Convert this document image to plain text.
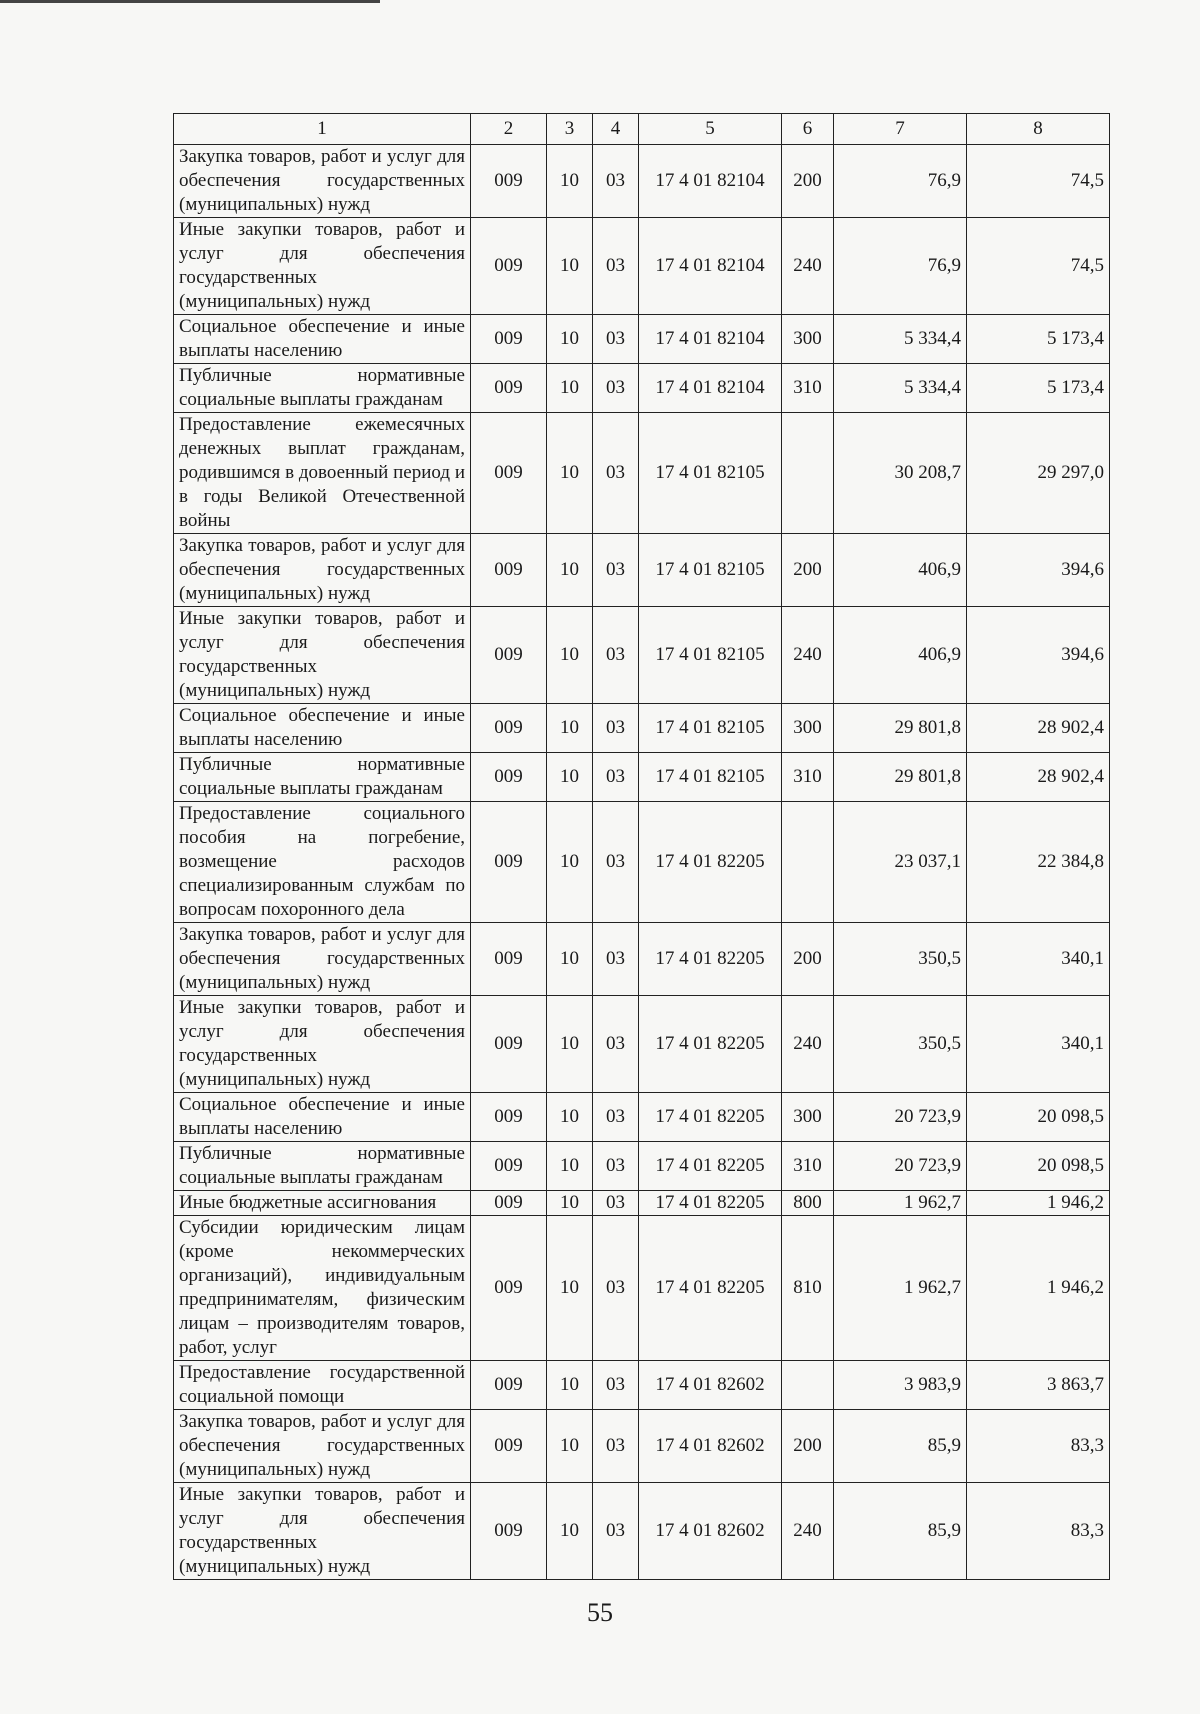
1	2	3	4	5	6	7	8
Закупка товаров, работ и услуг для обеспечения государственных (муниципальных) нужд	009	10	03	17 4 01 82104	200	76,9	74,5
Иные закупки товаров, работ и услуг для обеспечения государственных (муниципальных) нужд	009	10	03	17 4 01 82104	240	76,9	74,5
Социальное обеспечение и иные выплаты населению	009	10	03	17 4 01 82104	300	5 334,4	5 173,4
Публичные нормативные социальные выплаты гражданам	009	10	03	17 4 01 82104	310	5 334,4	5 173,4
Предоставление ежемесячных денежных выплат гражданам, родившимся в довоенный период и в годы Великой Отечественной войны	009	10	03	17 4 01 82105		30 208,7	29 297,0
Закупка товаров, работ и услуг для обеспечения государственных (муниципальных) нужд	009	10	03	17 4 01 82105	200	406,9	394,6
Иные закупки товаров, работ и услуг для обеспечения государственных (муниципальных) нужд	009	10	03	17 4 01 82105	240	406,9	394,6
Социальное обеспечение и иные выплаты населению	009	10	03	17 4 01 82105	300	29 801,8	28 902,4
Публичные нормативные социальные выплаты гражданам	009	10	03	17 4 01 82105	310	29 801,8	28 902,4
Предоставление социального пособия на погребение, возмещение расходов специализированным службам по вопросам похоронного дела	009	10	03	17 4 01 82205		23 037,1	22 384,8
Закупка товаров, работ и услуг для обеспечения государственных (муниципальных) нужд	009	10	03	17 4 01 82205	200	350,5	340,1
Иные закупки товаров, работ и услуг для обеспечения государственных (муниципальных) нужд	009	10	03	17 4 01 82205	240	350,5	340,1
Социальное обеспечение и иные выплаты населению	009	10	03	17 4 01 82205	300	20 723,9	20 098,5
Публичные нормативные социальные выплаты гражданам	009	10	03	17 4 01 82205	310	20 723,9	20 098,5
Иные бюджетные ассигнования	009	10	03	17 4 01 82205	800	1 962,7	1 946,2
Субсидии юридическим лицам (кроме некоммерческих организаций), индивидуальным предпринимателям, физическим лицам – производителям товаров, работ, услуг	009	10	03	17 4 01 82205	810	1 962,7	1 946,2
Предоставление государственной социальной помощи	009	10	03	17 4 01 82602		3 983,9	3 863,7
Закупка товаров, работ и услуг для обеспечения государственных (муниципальных) нужд	009	10	03	17 4 01 82602	200	85,9	83,3
Иные закупки товаров, работ и услуг для обеспечения государственных (муниципальных) нужд	009	10	03	17 4 01 82602	240	85,9	83,3
55
